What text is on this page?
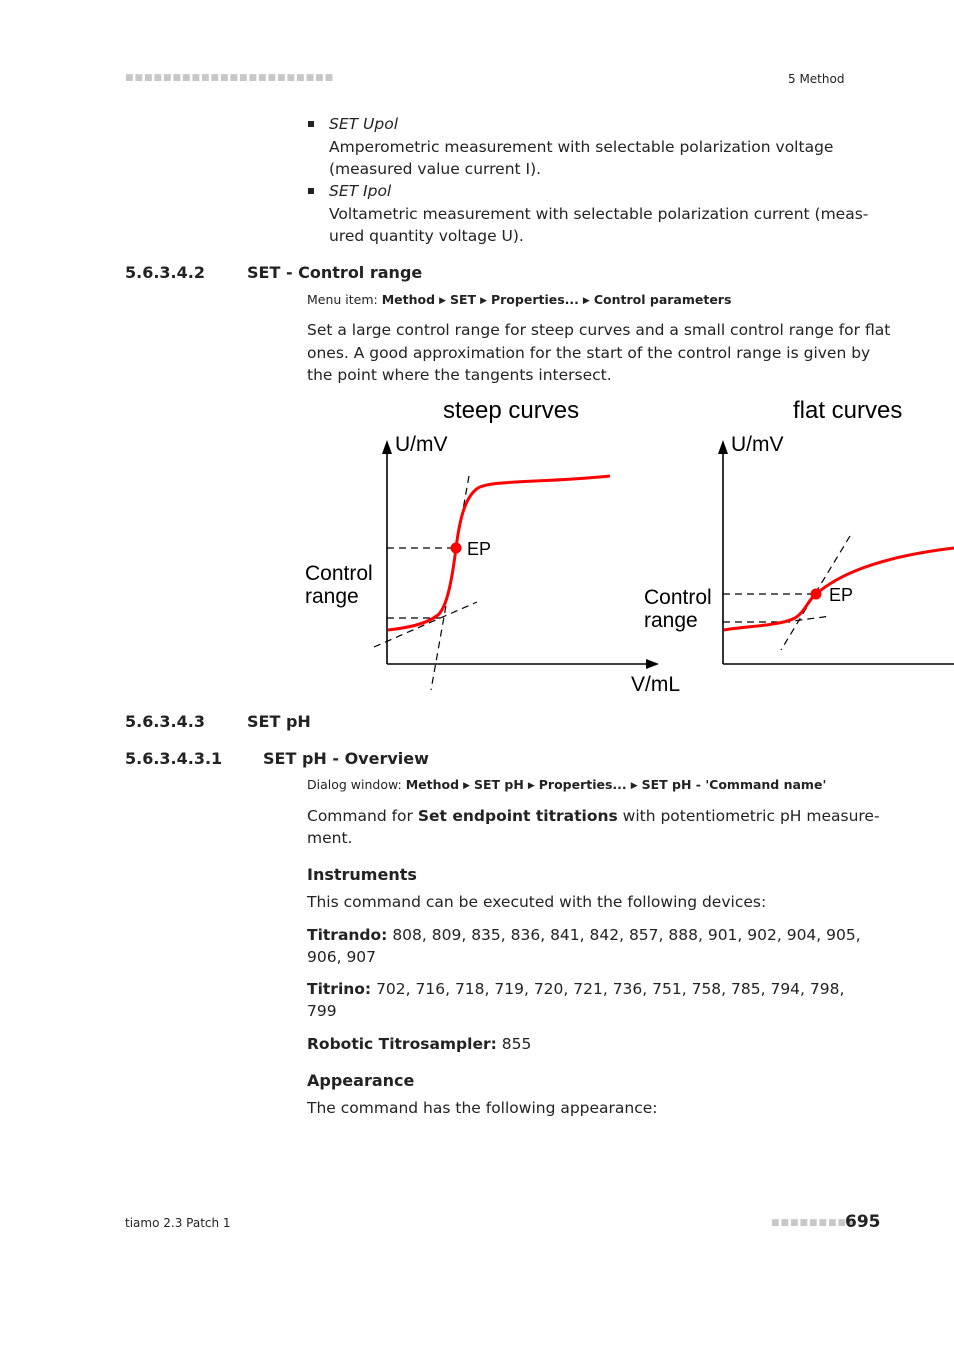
■■■■■■■■■■■■■■■■■■■■■■	5 Method
SET Upol
Amperometric measurement with selectable polarization voltage
(measured value current I).
SET Ipol
Voltametric measurement with selectable polarization current (meas-
ured quantity voltage U).
5.6.3.4.2	SET - Control range
Menu item: Method ▶ SET ▶ Properties... ▶ Control parameters
Set a large control range for steep curves and a small control range for flat
ones. A good approximation for the start of the control range is given by
the point where the tangents intersect.
steep curves	flat curves
U/mV
V/mL
EP
Control
range
U/mV
EP
Control
range
5.6.3.4.3	SET pH
5.6.3.4.3.1	SET pH - Overview
Dialog window: Method ▶ SET pH ▶ Properties... ▶ SET pH - 'Command name'
Command for Set endpoint titrations with potentiometric pH measure-
ment.
Instruments
This command can be executed with the following devices:
Titrando: 808, 809, 835, 836, 841, 842, 857, 888, 901, 902, 904, 905,
906, 907
Titrino: 702, 716, 718, 719, 720, 721, 736, 751, 758, 785, 794, 798,
799
Robotic Titrosampler: 855
Appearance
The command has the following appearance:
tiamo 2.3 Patch 1	■■■■■■■■■
695
